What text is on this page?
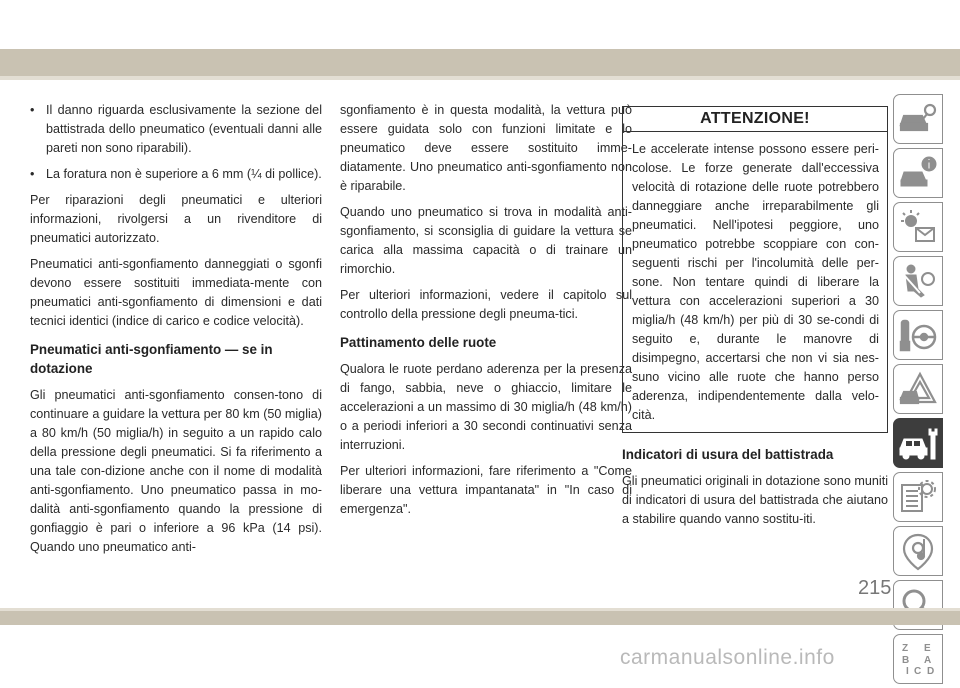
• Il danno riguarda esclusivamente la sezione del battistrada dello pneumatico (eventuali danni alle pareti non sono riparabili).
• La foratura non è superiore a 6 mm (¼ di pollice).

Per riparazioni degli pneumatici e ulteriori informazioni, rivolgersi a un rivenditore di pneumatici autorizzato.

Pneumatici anti-sgonfiamento danneggiati o sgonfi devono essere sostituiti immediata-mente con pneumatici anti-sgonfiamento di dimensioni e dati tecnici identici (indice di carico e codice velocità).

Pneumatici anti-sgonfiamento — se in dotazione

Gli pneumatici anti-sgonfiamento consen-tono di continuare a guidare la vettura per 80 km (50 miglia) a 80 km/h (50 miglia/h) in seguito a un rapido calo della pressione degli pneumatici. Si fa riferimento a una tale con-dizione anche con il nome di modalità anti-sgonfiamento. Uno pneumatico passa in mo-dalità anti-sgonfiamento quando la pressione di gonfiaggio è pari o inferiore a 96 kPa (14 psi). Quando uno pneumatico anti-

sgonfiamento è in questa modalità, la vettura può essere guidata solo con funzioni limitate e lo pneumatico deve essere sostituito imme-diatamente. Uno pneumatico anti-sgonfiamento non è riparabile.

Quando uno pneumatico si trova in modalità anti-sgonfiamento, si sconsiglia di guidare la vettura se carica alla massima capacità o di trainare un rimorchio.

Per ulteriori informazioni, vedere il capitolo sul controllo della pressione degli pneuma-tici.

Pattinamento delle ruote

Qualora le ruote perdano aderenza per la presenza di fango, sabbia, neve o ghiaccio, limitare le accelerazioni a un massimo di 30 miglia/h (48 km/h) o a periodi inferiori a 30 secondi continuativi senza interruzioni.

Per ulteriori informazioni, fare riferimento a "Come liberare una vettura impantanata" in "In caso di emergenza".

ATTENZIONE!
Le accelerate intense possono essere peri-colose. Le forze generate dall'eccessiva velocità di rotazione delle ruote potrebbero danneggiare anche irreparabilmente gli pneumatici. Nell'ipotesi peggiore, uno pneumatico potrebbe scoppiare con con-seguenti rischi per l'incolumità delle per-sone. Non tentare quindi di liberare la vettura con accelerazioni superiori a 30 miglia/h (48 km/h) per più di 30 se-condi di seguito e, durante le manovre di disimpegno, accertarsi che non vi sia nes-suno vicino alle ruote che hanno perso aderenza, indipendentemente dalla velo-cità.
Indicatori di usura del battistrada

Gli pneumatici originali in dotazione sono muniti di indicatori di usura del battistrada che aiutano a stabilire quando vanno sostitu-iti.

Z E
B A
I C D
215
carmanualsonline.info
